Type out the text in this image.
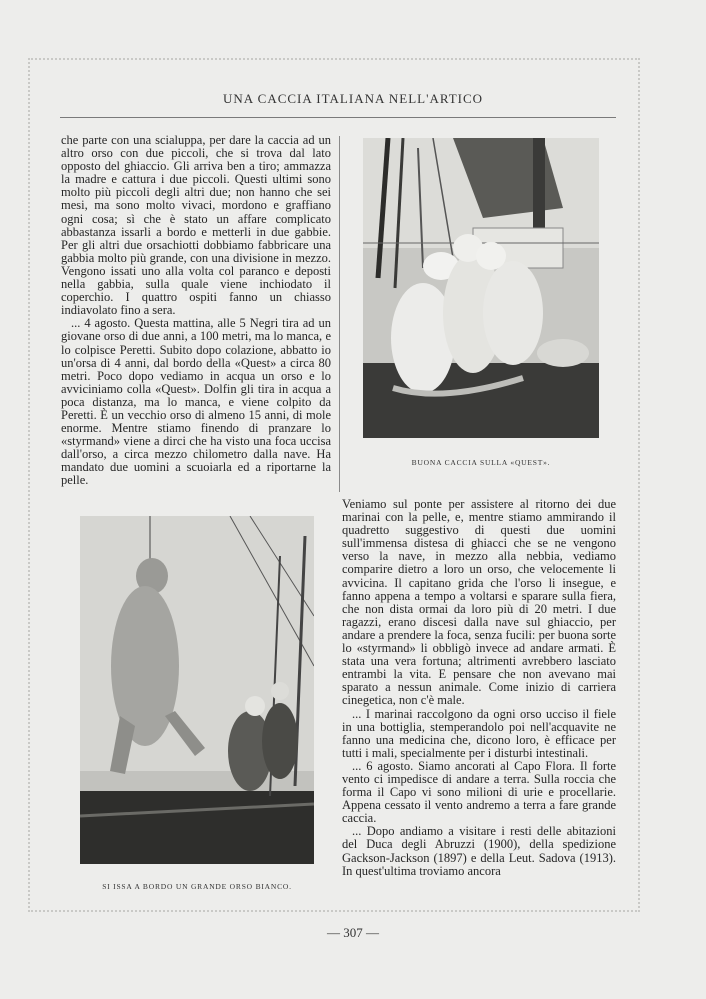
UNA CACCIA ITALIANA NELL'ARTICO

che parte con una scialuppa, per dare la caccia ad un altro orso con due piccoli, che si trova dal lato opposto del ghiaccio. Gli arriva ben a tiro; ammazza la madre e cattura i due piccoli. Questi ultimi sono molto più piccoli degli altri due; non hanno che sei mesi, ma sono molto vivaci, mordono e graffiano ogni cosa; sì che è stato un affare complicato abbastanza issarli a bordo e metterli in due gabbie. Per gli altri due orsachiotti dobbiamo fabbricare una gabbia molto più grande, con una divisione in mezzo. Vengono issati uno alla volta col paranco e deposti nella gabbia, sulla quale viene inchiodato il coperchio. I quattro ospiti fanno un chiasso indiavolato fino a sera.

... 4 agosto. Questa mattina, alle 5 Negri tira ad un giovane orso di due anni, a 100 metri, ma lo manca, e lo colpisce Peretti. Subito dopo colazione, abbatto io un'orsa di 4 anni, dal bordo della «Quest» a circa 80 metri. Poco dopo vediamo in acqua un orso e lo avviciniamo colla «Quest». Dolfin gli tira in acqua a poca distanza, ma lo manca, e viene colpito da Peretti. È un vecchio orso di almeno 15 anni, di mole enorme. Mentre stiamo finendo di pranzare lo «styrmand» viene a dirci che ha visto una foca uccisa dall'orso, a circa mezzo chilometro dalla nave. Ha mandato due uomini a scuoiarla ed a riportarne la pelle.

BUONA CACCIA SULLA «QUEST».
SI ISSA A BORDO UN GRANDE ORSO BIANCO.

Veniamo sul ponte per assistere al ritorno dei due marinai con la pelle, e, mentre stiamo ammirando il quadretto suggestivo di questi due uomini sull'immensa distesa di ghiacci che se ne vengono verso la nave, in mezzo alla nebbia, vediamo comparire dietro a loro un orso, che velocemente li avvicina. Il capitano grida che l'orso li insegue, e fanno appena a tempo a voltarsi e sparare sulla fiera, che non dista ormai da loro più di 20 metri. I due ragazzi, erano discesi dalla nave sul ghiaccio, per andare a prendere la foca, senza fucili: per buona sorte lo «styrmand» li obbligò invece ad andare armati. È stata una vera fortuna; altrimenti avrebbero lasciato entrambi la vita. E pensare che non avevano mai sparato a nessun animale. Come inizio di carriera cinegetica, non c'è male.

... I marinai raccolgono da ogni orso ucciso il fiele in una bottiglia, stemperandolo poi nell'acquavite ne fanno una medicina che, dicono loro, è efficace per tutti i mali, specialmente per i disturbi intestinali.

... 6 agosto. Siamo ancorati al Capo Flora. Il forte vento ci impedisce di andare a terra. Sulla roccia che forma il Capo vi sono milioni di urie e procellarie. Appena cessato il vento andremo a terra a fare grande caccia.

... Dopo andiamo a visitare i resti delle abitazioni del Duca degli Abruzzi (1900), della spedizione Gackson-Jackson (1897) e della Leut. Sadova (1913). In quest'ultima troviamo ancora

— 307 —
